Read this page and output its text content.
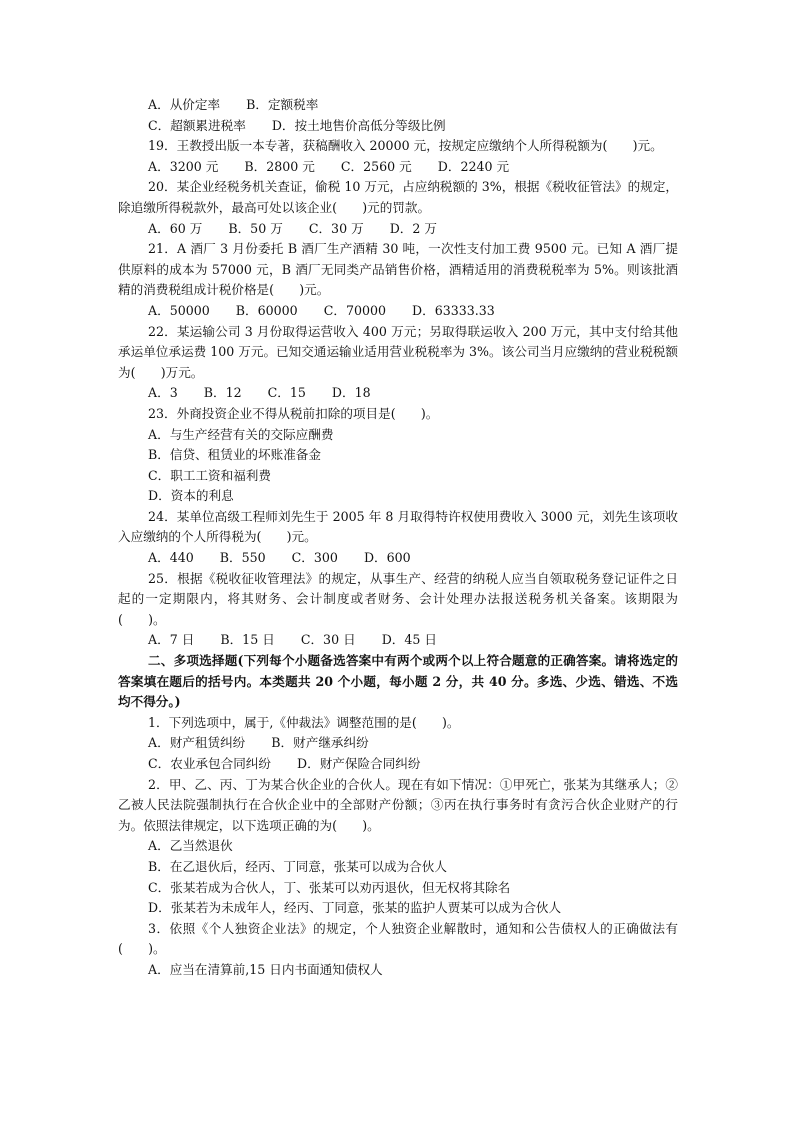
A．从价定率 B．定额税率
C．超额累进税率 D．按土地售价高低分等级比例
19．王教授出版一本专著，获稿酬收入 20000 元，按规定应缴纳个人所得税额为(　　)元。
A．3200 元 B．2800 元 C．2560 元 D．2240 元
20．某企业经税务机关查证，偷税 10 万元，占应纳税额的 3%，根据《税收征管法》的规定，除追缴所得税款外，最高可处以该企业(　　)元的罚款。
A．60 万 B．50 万 C．30 万 D．2 万
21．A 酒厂 3 月份委托 B 酒厂生产酒精 30 吨，一次性支付加工费 9500 元。已知 A 酒厂提供原料的成本为 57000 元，B 酒厂无同类产品销售价格，酒精适用的消费税税率为 5%。则该批酒精的消费税组成计税价格是(　　)元。
A．50000 B．60000 C．70000 D．63333.33
22．某运输公司 3 月份取得运营收入 400 万元；另取得联运收入 200 万元，其中支付给其他承运单位承运费 100 万元。已知交通运输业适用营业税税率为 3%。该公司当月应缴纳的营业税税额为(　　)万元。
A．3 B．12 C．15 D．18
23．外商投资企业不得从税前扣除的项目是(　　)。
A．与生产经营有关的交际应酬费
B．信贷、租赁业的坏账准备金
C．职工工资和福利费
D．资本的利息
24．某单位高级工程师刘先生于 2005 年 8 月取得特许权使用费收入 3000 元，刘先生该项收入应缴纳的个人所得税为(　　)元。
A．440 B．550 C．300 D．600
25．根据《税收征收管理法》的规定，从事生产、经营的纳税人应当自领取税务登记证件之日起的一定期限内，将其财务、会计制度或者财务、会计处理办法报送税务机关备案。该期限为(　　)。
A．7 日 B．15 日 C．30 日 D．45 日
二、多项选择题(下列每个小题备选答案中有两个或两个以上符合题意的正确答案。请将选定的答案填在题后的括号内。本类题共 20 个小题，每小题 2 分，共 40 分。多选、少选、错选、不选均不得分。)
1．下列选项中，属于,《仲裁法》调整范围的是(　　)。
A．财产租赁纠纷 B．财产继承纠纷
C．农业承包合同纠纷 D．财产保险合同纠纷
2．甲、乙、丙、丁为某合伙企业的合伙人。现在有如下情况：①甲死亡，张某为其继承人；②乙被人民法院强制执行在合伙企业中的全部财产份额；③丙在执行事务时有贪污合伙企业财产的行为。依照法律规定，以下选项正确的为(　　)。
A．乙当然退伙
B．在乙退伙后，经丙、丁同意，张某可以成为合伙人
C．张某若成为合伙人，丁、张某可以劝丙退伙，但无权将其除名
D．张某若为未成年人，经丙、丁同意，张某的监护人贾某可以成为合伙人
3．依照《个人独资企业法》的规定，个人独资企业解散时，通知和公告债权人的正确做法有(　　)。
A．应当在清算前,15 日内书面通知债权人
